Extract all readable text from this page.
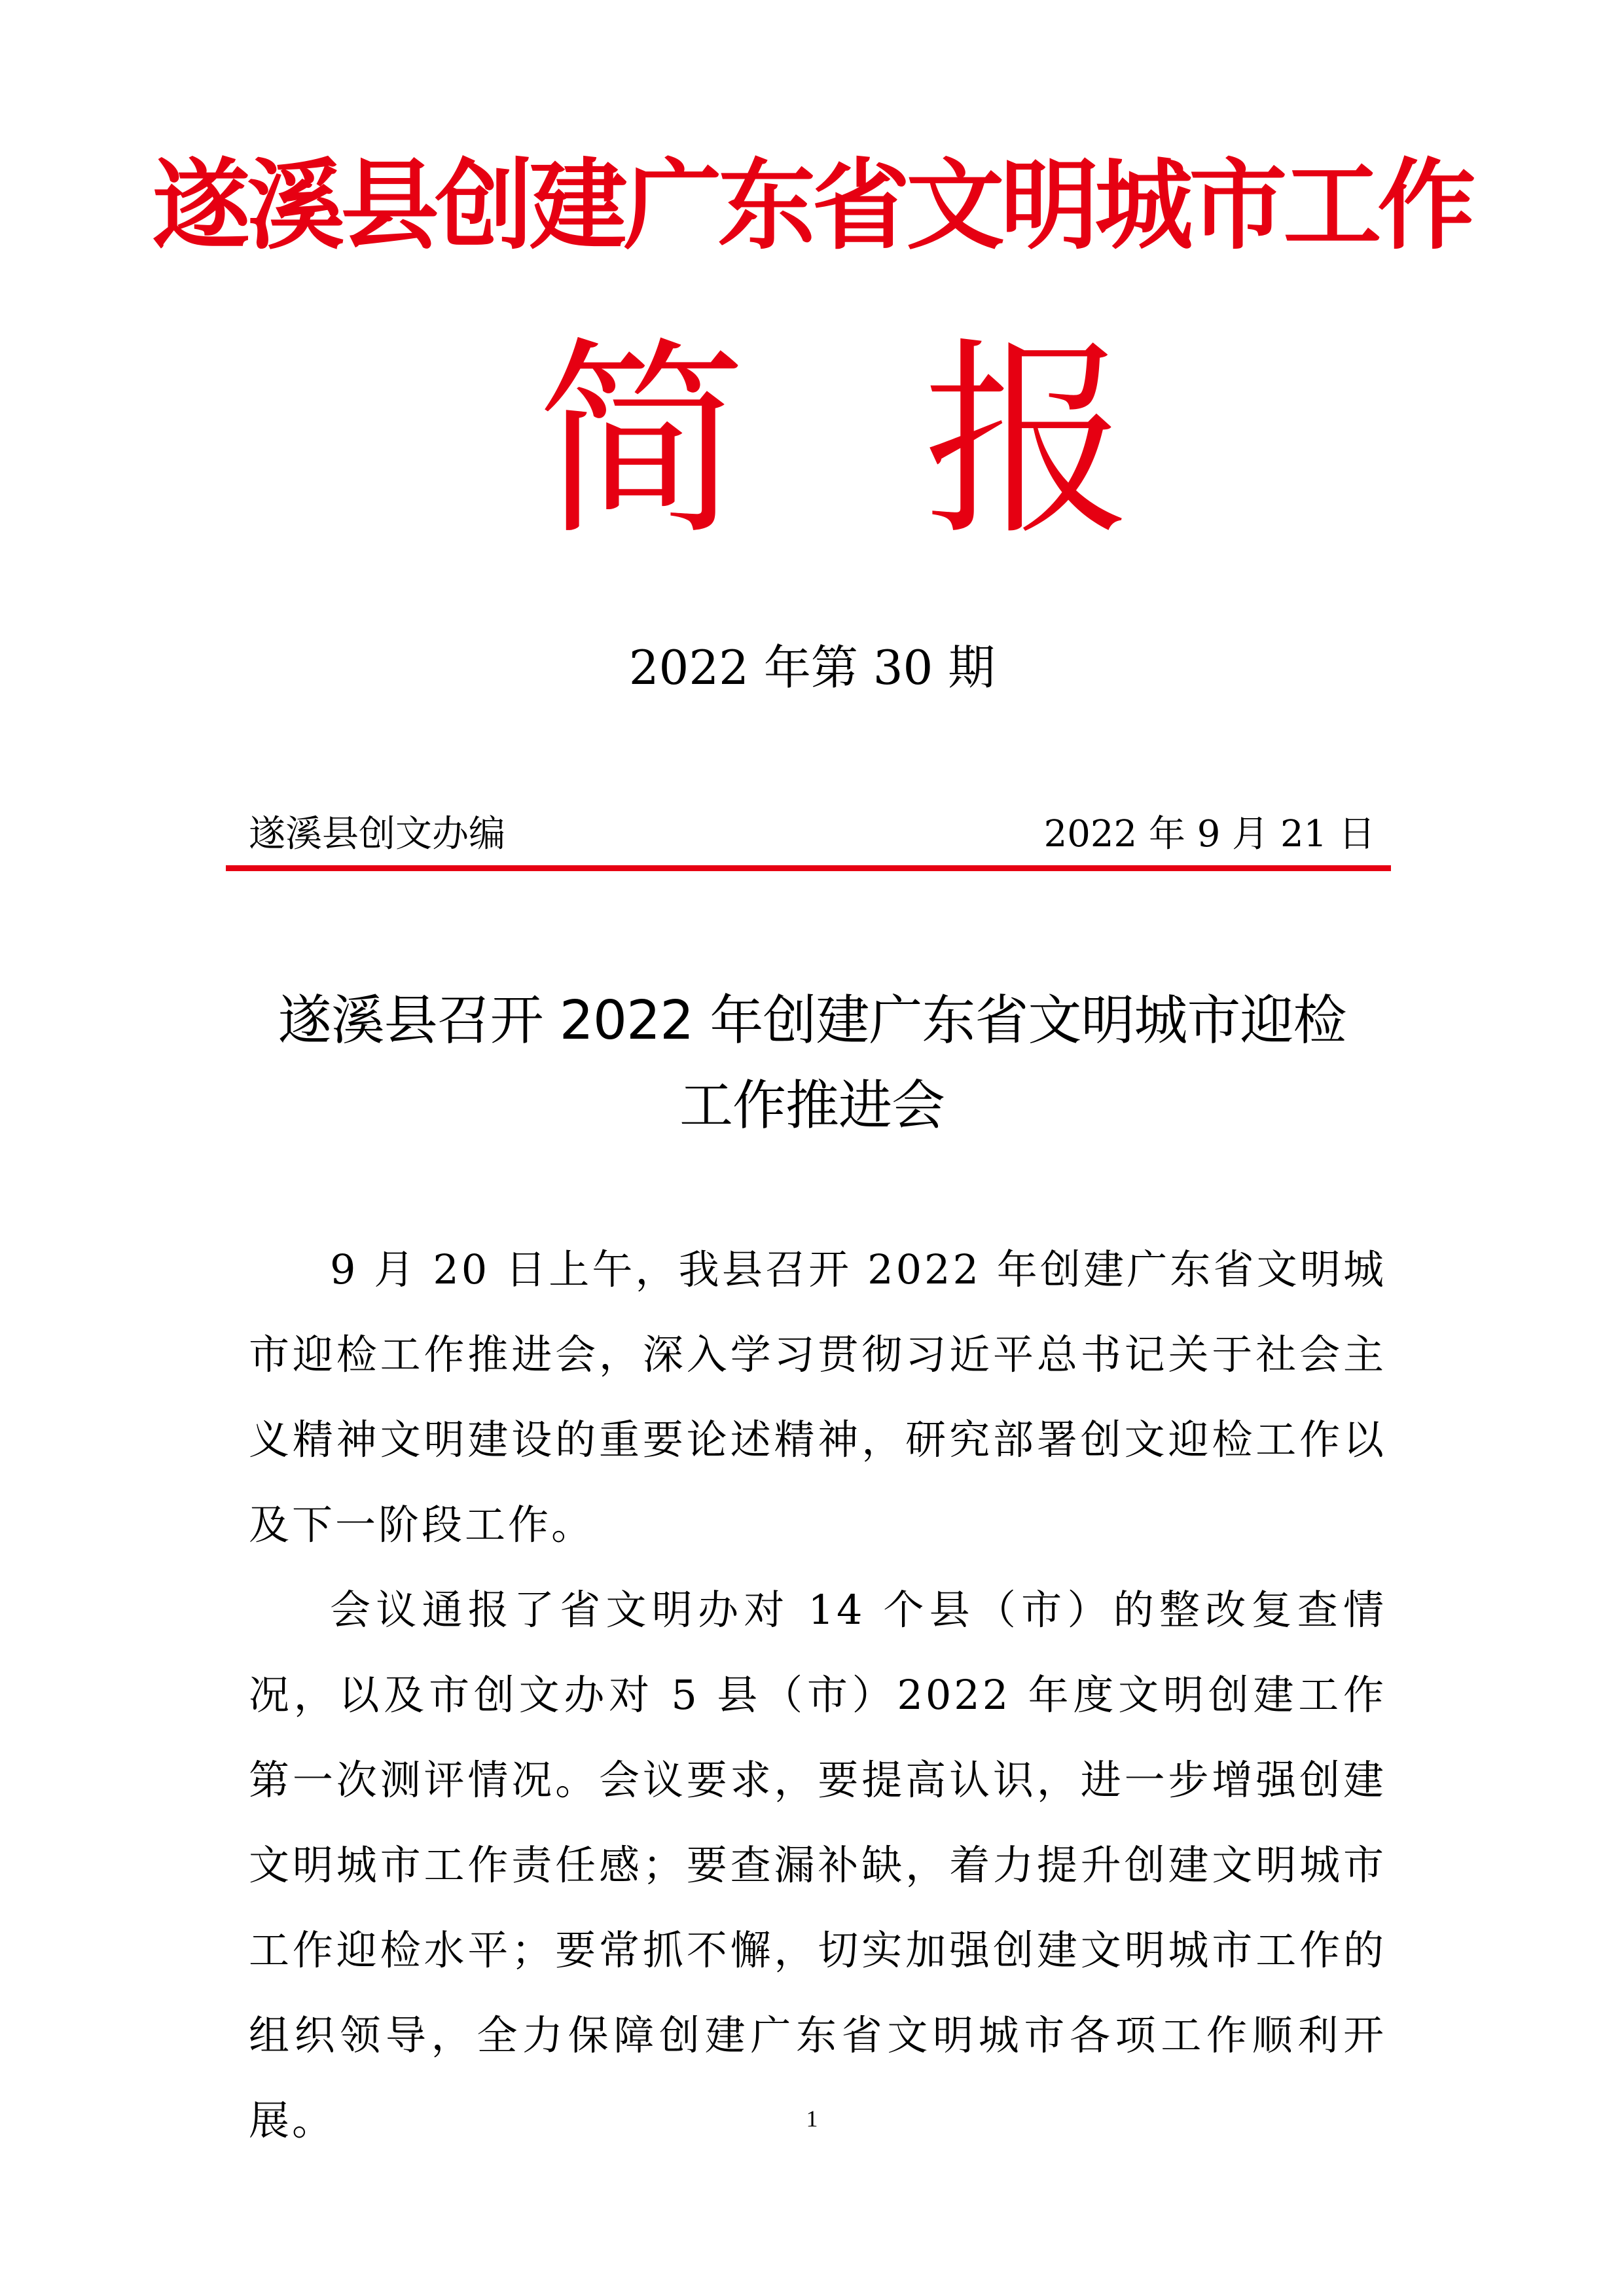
遂溪县创建广东省文明城市工作
简 报
2022 年第 30 期
遂溪县创文办编	2022 年 9 月 21 日
遂溪县召开 2022 年创建广东省文明城市迎检
工作推进会

9 月 20 日上午，我县召开 2022 年创建广东省文明城市迎检工作推进会，深入学习贯彻习近平总书记关于社会主义精神文明建设的重要论述精神，研究部署创文迎检工作以及下一阶段工作。

会议通报了省文明办对 14 个县（市）的整改复查情况，以及市创文办对 5 县（市）2022 年度文明创建工作第一次测评情况。会议要求，要提高认识，进一步增强创建文明城市工作责任感；要查漏补缺，着力提升创建文明城市工作迎检水平；要常抓不懈，切实加强创建文明城市工作的组织领导，全力保障创建广东省文明城市各项工作顺利开展。	1
